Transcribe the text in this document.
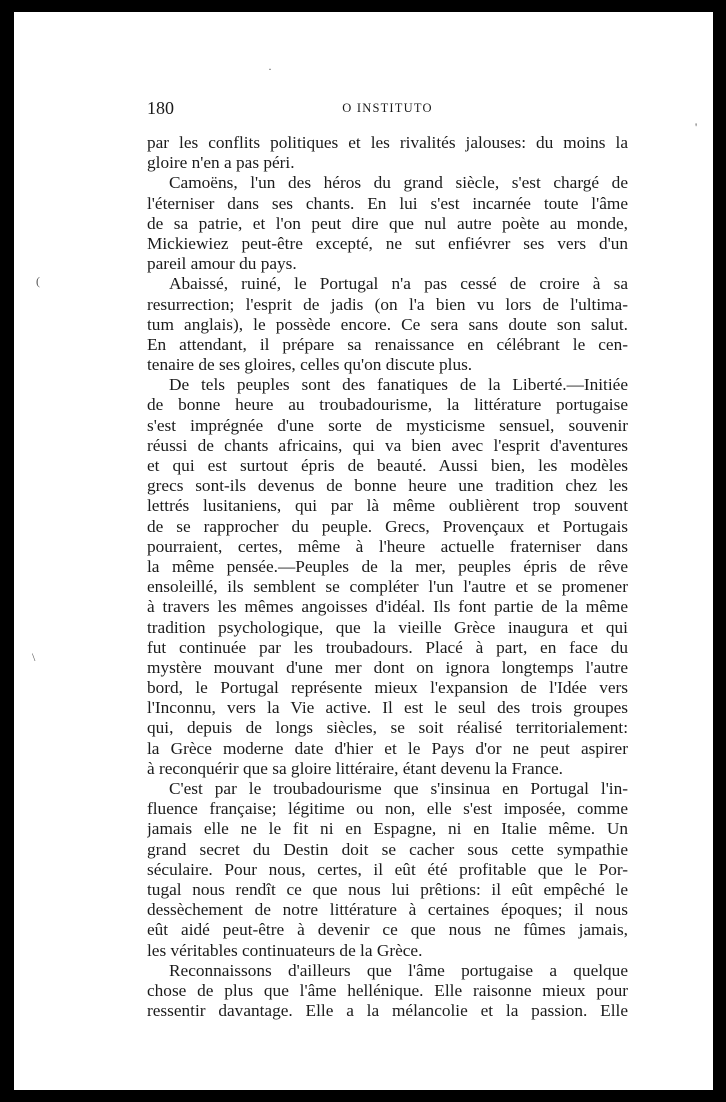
180	O INSTITUTO
par les conflits politiques et les rivalités jalouses: du moins la
gloire n'en a pas péri.
Camoëns, l'un des héros du grand siècle, s'est chargé de
l'éterniser dans ses chants. En lui s'est incarnée toute l'âme
de sa patrie, et l'on peut dire que nul autre poète au monde,
Mickiewiez peut-être excepté, ne sut enfiévrer ses vers d'un
pareil amour du pays.
Abaissé, ruiné, le Portugal n'a pas cessé de croire à sa
resurrection; l'esprit de jadis (on l'a bien vu lors de l'ultima-
tum anglais), le possède encore. Ce sera sans doute son salut.
En attendant, il prépare sa renaissance en célébrant le cen-
tenaire de ses gloires, celles qu'on discute plus.
De tels peuples sont des fanatiques de la Liberté.—Initiée
de bonne heure au troubadourisme, la littérature portugaise
s'est imprégnée d'une sorte de mysticisme sensuel, souvenir
réussi de chants africains, qui va bien avec l'esprit d'aventures
et qui est surtout épris de beauté. Aussi bien, les modèles
grecs sont-ils devenus de bonne heure une tradition chez les
lettrés lusitaniens, qui par là même oublièrent trop souvent
de se rapprocher du peuple. Grecs, Provençaux et Portugais
pourraient, certes, même à l'heure actuelle fraterniser dans
la même pensée.—Peuples de la mer, peuples épris de rêve
ensoleillé, ils semblent se compléter l'un l'autre et se promener
à travers les mêmes angoisses d'idéal. Ils font partie de la même
tradition psychologique, que la vieille Grèce inaugura et qui
fut continuée par les troubadours. Placé à part, en face du
mystère mouvant d'une mer dont on ignora longtemps l'autre
bord, le Portugal représente mieux l'expansion de l'Idée vers
l'Inconnu, vers la Vie active. Il est le seul des trois groupes
qui, depuis de longs siècles, se soit réalisé territorialement:
la Grèce moderne date d'hier et le Pays d'or ne peut aspirer
à reconquérir que sa gloire littéraire, étant devenu la France.
C'est par le troubadourisme que s'insinua en Portugal l'in-
fluence française; légitime ou non, elle s'est imposée, comme
jamais elle ne le fit ni en Espagne, ni en Italie même. Un
grand secret du Destin doit se cacher sous cette sympathie
séculaire. Pour nous, certes, il eût été profitable que le Por-
tugal nous rendît ce que nous lui prêtions: il eût empêché le
dessèchement de notre littérature à certaines époques; il nous
eût aidé peut-être à devenir ce que nous ne fûmes jamais,
les véritables continuateurs de la Grèce.
Reconnaissons d'ailleurs que l'âme portugaise a quelque
chose de plus que l'âme hellénique. Elle raisonne mieux pour
ressentir davantage. Elle a la mélancolie et la passion. Elle
·
(
\
'
